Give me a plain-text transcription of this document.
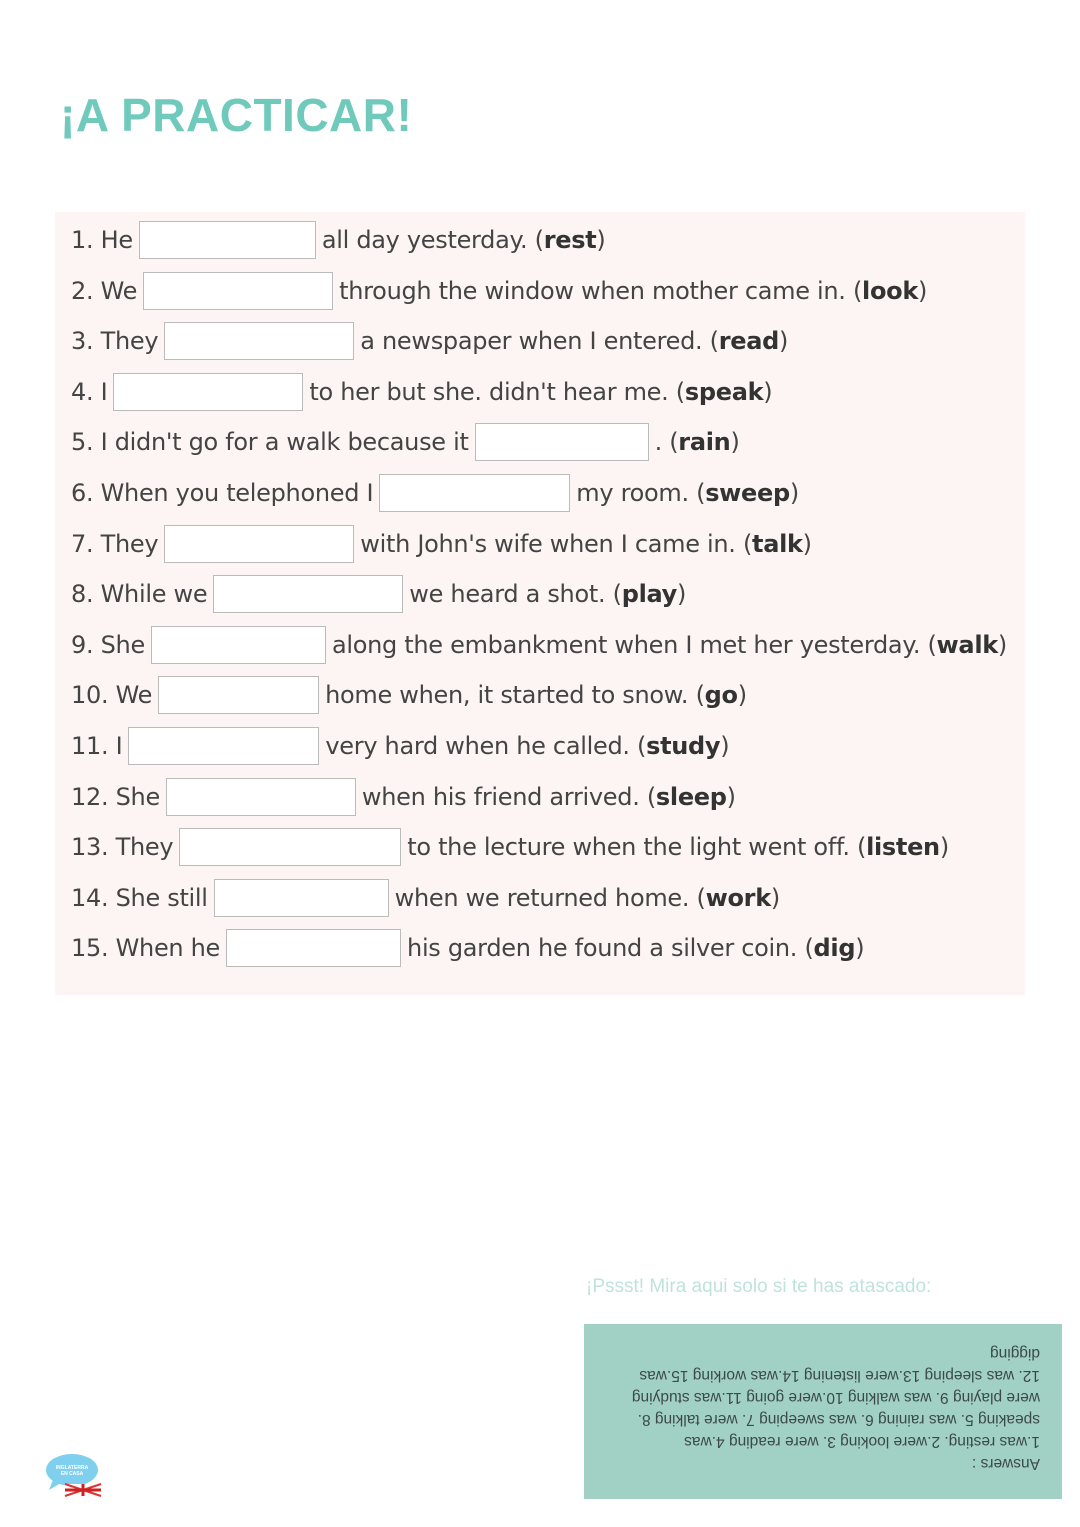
¡A PRACTICAR!
1. He	all day yesterday. ( rest )
2. We	through the window when mother came in. ( look )
3. They	a newspaper when I entered. ( read )
4. I	to her but she. didn't hear me. ( speak )
5. I didn't go for a walk because it	. ( rain )
6. When you telephoned I	my room. ( sweep )
7. They	with John's wife when I came in. ( talk )
8. While we	we heard a shot. ( play )
9. She	along the embankment when I met her yesterday. ( walk )
10. We	home when, it started to snow. ( go )
11. I	very hard when he called. ( study )
12. She	when his friend arrived. ( sleep )
13. They	to the lecture when the light went off. ( listen )
14. She still	when we returned home. ( work )
15. When he	his garden he found a silver coin. ( dig )
¡Pssst! Mira aqui solo si te has atascado:
Answers :
1.was resting. 2.were looking 3. were reading 4.was
speaking 5. was raining 6. was sweeping 7. were talking 8.
were playing 9. was walking 10.were going 11.was studying
12. was sleeping 13.were listening 14.was working 15.was
digging
INGLATERRA
EN CASA
